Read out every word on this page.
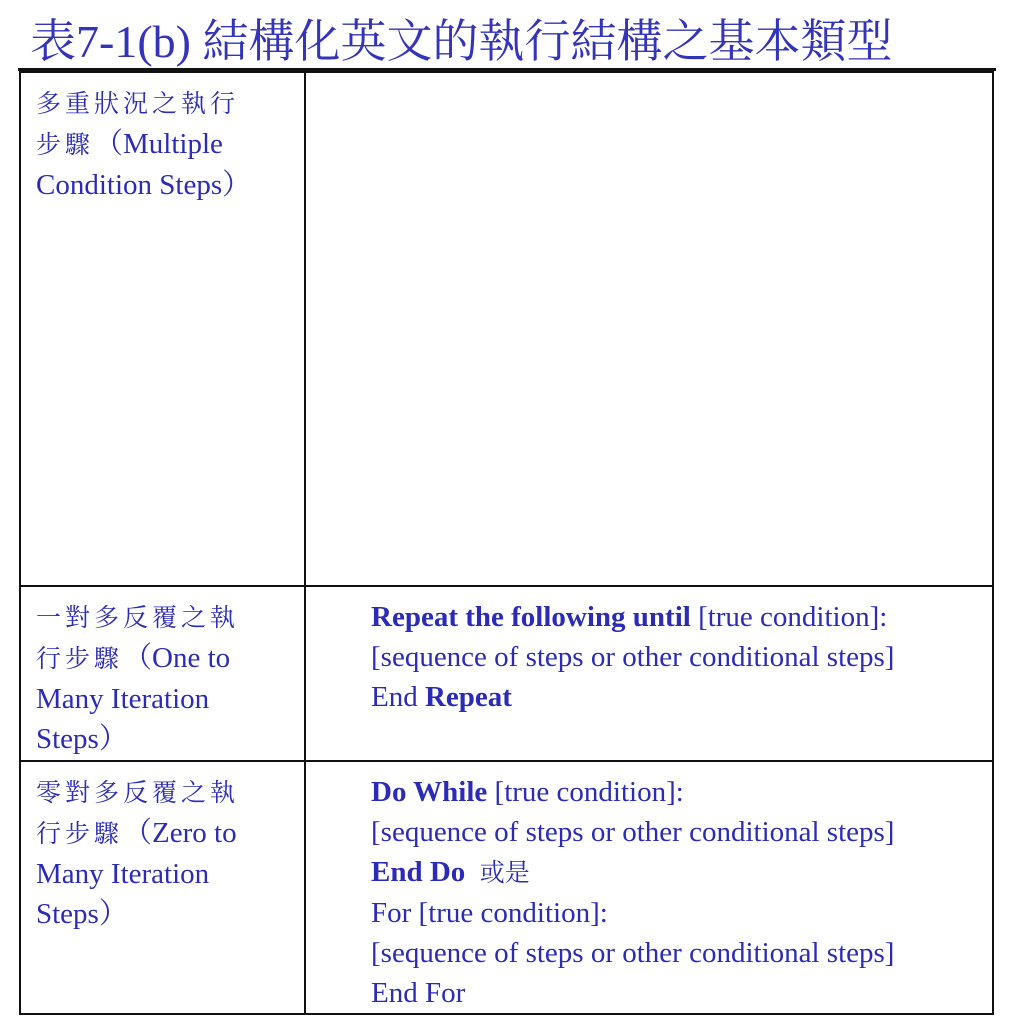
表7-1(b) 結構化英文的執行結構之基本類型
多重狀況之執行
步驟（Multiple
Condition Steps）
一對多反覆之執
行步驟（One to
Many Iteration
Steps）
Repeat the following until [true condition]:
[sequence of steps or other conditional steps]
End Repeat
零對多反覆之執
行步驟（Zero to
Many Iteration
Steps）
Do While [true condition]:
[sequence of steps or other conditional steps]
End Do 或是
For [true condition]:
[sequence of steps or other conditional steps]
End For
